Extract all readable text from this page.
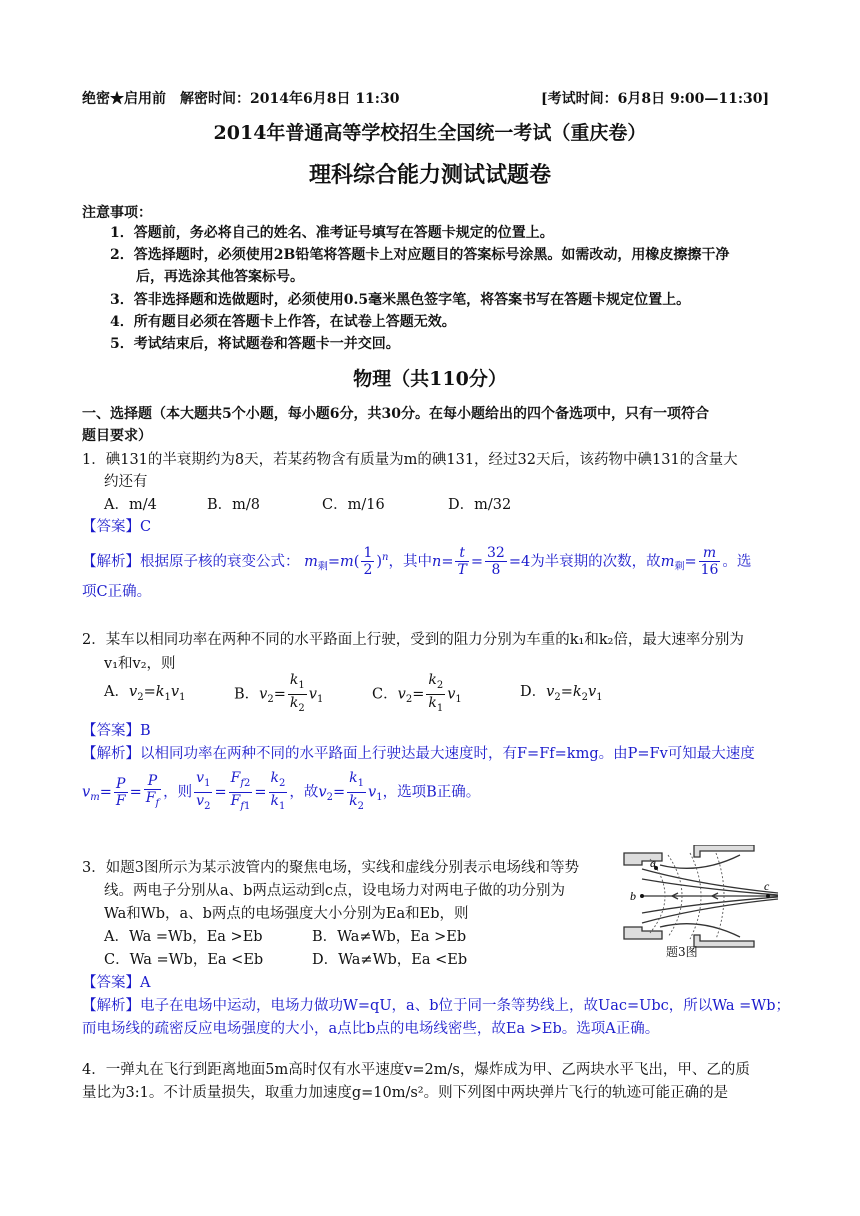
绝密★启用前　解密时间：2014年6月8日 11:30	[考试时间：6月8日 9:00—11:30]
2014年普通高等学校招生全国统一考试（重庆卷）
理科综合能力测试试题卷
注意事项：
1．答题前，务必将自己的姓名、准考证号填写在答题卡规定的位置上。
2．答选择题时，必须使用2B铅笔将答题卡上对应题目的答案标号涂黑。如需改动，用橡皮擦擦干净
后，再选涂其他答案标号。
3．答非选择题和选做题时，必须使用0.5毫米黑色签字笔，将答案书写在答题卡规定位置上。
4．所有题目必须在答题卡上作答，在试卷上答题无效。
5．考试结束后，将试题卷和答题卡一并交回。
物理（共110分）
一、选择题（本大题共5个小题，每小题6分，共30分。在每小题给出的四个备选项中，只有一项符合
题目要求）
1．碘131的半衰期约为8天，若某药物含有质量为m的碘131，经过32天后，该药物中碘131的含量大
约还有
A．m/4	B．m/8	C．m/16	D．m/32
【答案】C
【解析】根据原子核的衰变公式： $m_剩=m( \frac{1}{2} )^n$，其中$n= \frac{t}{T} = \frac{32}{8} =4$为半衰期的次数，故$m_剩= \frac{m}{16}$ 。选
项C正确。
2．某车以相同功率在两种不同的水平路面上行驶，受到的阻力分别为车重的k₁和k₂倍，最大速率分别为
v₁和v₂，则
A．$v_2=k_1v_1$	B．$v_2= \frac{k_1}{k_2} v_1$	C．$v_2= \frac{k_2}{k_1} v_1$	D．$v_2=k_2v_1$
【答案】B
【解析】以相同功率在两种不同的水平路面上行驶达最大速度时，有F=Ff=kmg。由P=Fv可知最大速度
$v_m= \frac{P}{F} = \frac{P}{F_f}$ ，则 $\frac{v_1}{v_2} = \frac{F_{f2}}{F_{f1}} = \frac{k_2}{k_1}$ ，故$v_2= \frac{k_1}{k_2} v_1$，选项B正确。
3．如题3图所示为某示波管内的聚焦电场，实线和虚线分别表示电场线和等势
线。两电子分别从a、b两点运动到c点，设电场力对两电子做的功分别为
Wa和Wb，a、b两点的电场强度大小分别为Ea和Eb，则
A．Wa =Wb，Ea >Eb	B．Wa≠Wb，Ea >Eb
C．Wa =Wb，Ea <Eb	D．Wa≠Wb，Ea <Eb
【答案】A
【解析】电子在电场中运动，电场力做功W=qU，a、b位于同一条等势线上，故Uac=Ubc，所以Wa =Wb；
而电场线的疏密反应电场强度的大小，a点比b点的电场线密些，故Ea >Eb。选项A正确。
a
b
c
题3图
4．一弹丸在飞行到距离地面5m高时仅有水平速度v=2m/s，爆炸成为甲、乙两块水平飞出，甲、乙的质
量比为3:1。不计质量损失，取重力加速度g=10m/s²。则下列图中两块弹片飞行的轨迹可能正确的是
